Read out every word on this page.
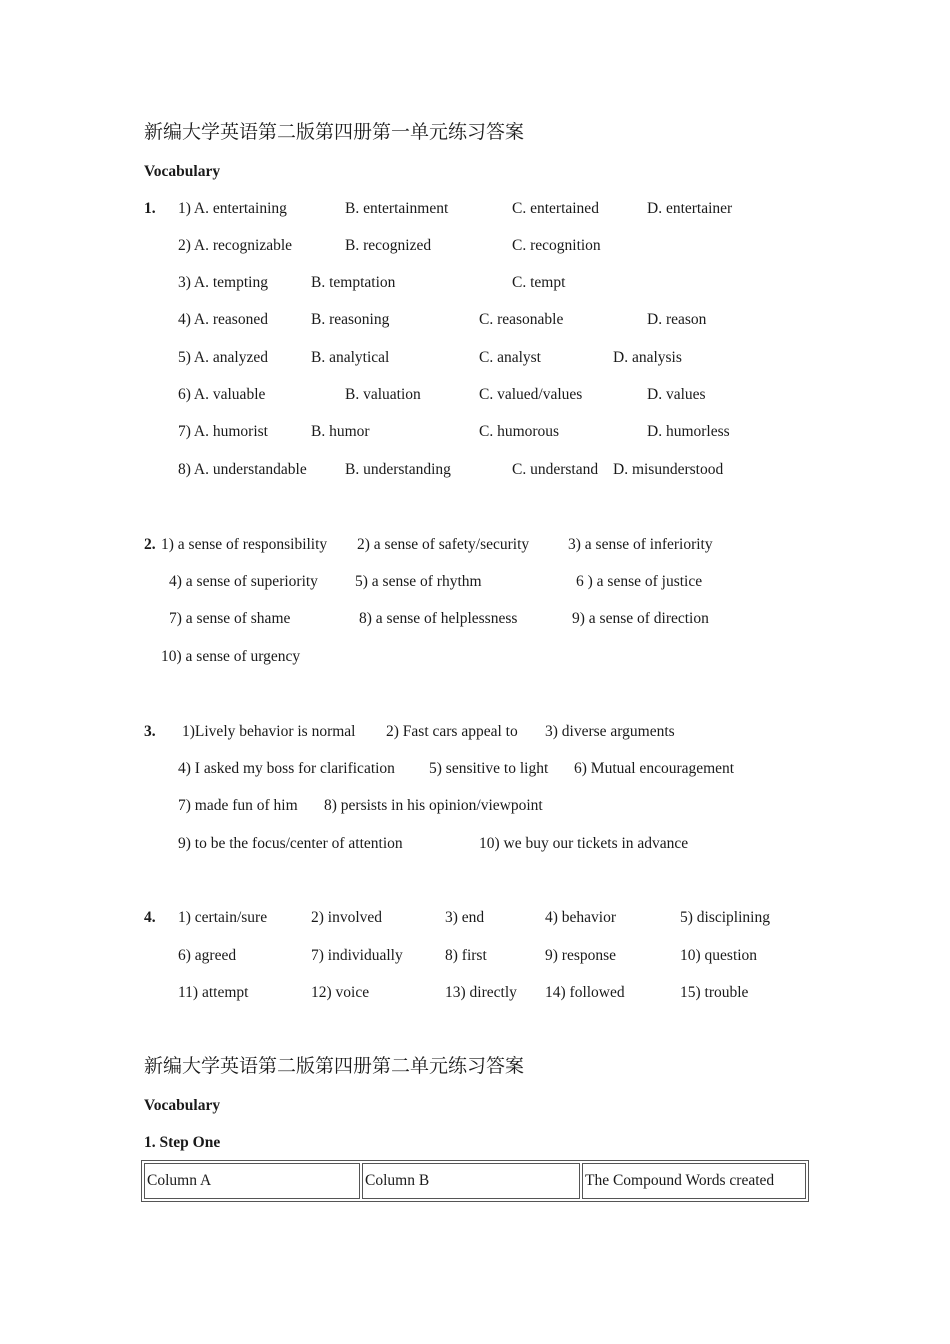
新编大学英语第二版第四册第一单元练习答案
Vocabulary
1. 1) A. entertaining	B. entertainment	C. entertained	D. entertainer
2) A. recognizable	B. recognized	C. recognition
3) A. tempting	B. temptation	C. tempt
4) A. reasoned	B. reasoning	C. reasonable	D. reason
5) A. analyzed	B. analytical	C. analyst	D. analysis
6) A. valuable	B. valuation	C. valued/values	D. values
7) A. humorist	B. humor	C. humorous	D. humorless
8) A. understandable B. understanding	C. understand D. misunderstood
2. 1) a sense of responsibility 2) a sense of safety/security	3) a sense of inferiority
4) a sense of superiority 5) a sense of rhythm	6 ) a sense of justice
7) a sense of shame	8) a sense of helplessness	9) a sense of direction
10) a sense of urgency
3. 1)Lively behavior is normal 2) Fast cars appeal to 3) diverse arguments
4) I asked my boss for clarification 5) sensitive to light 6) Mutual encouragement
7) made fun of him 8) persists in his opinion/viewpoint
9) to be the focus/center of attention	10) we buy our tickets in advance
4. 1) certain/sure	2) involved	3) end	4) behavior	5) disciplining
6) agreed	7) individually	8) first	9) response	10) question
11) attempt	12) voice	13) directly 14) followed	15) trouble
新编大学英语第二版第四册第二单元练习答案
Vocabulary
1. Step One
Column A	Column B	The Compound Words created
